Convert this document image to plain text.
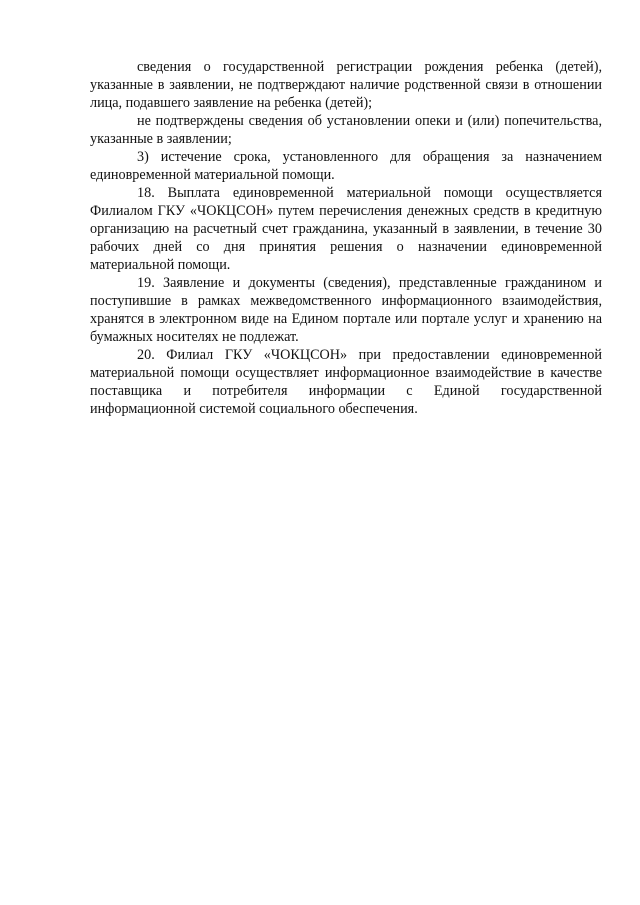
сведения о государственной регистрации рождения ребенка (детей), указанные в заявлении, не подтверждают наличие родственной связи в отношении лица, подавшего заявление на ребенка (детей);

не подтверждены сведения об установлении опеки и (или) попечительства, указанные в заявлении;

3) истечение срока, установленного для обращения за назначением единовременной материальной помощи.

18. Выплата единовременной материальной помощи осуществляется Филиалом ГКУ «ЧОКЦСОН» путем перечисления денежных средств в кредитную организацию на расчетный счет гражданина, указанный в заявлении, в течение 30 рабочих дней со дня принятия решения о назначении единовременной материальной помощи.

19. Заявление и документы (сведения), представленные гражданином и поступившие в рамках межведомственного информационного взаимодействия, хранятся в электронном виде на Едином портале или портале услуг и хранению на бумажных носителях не подлежат.

20. Филиал ГКУ «ЧОКЦСОН» при предоставлении единовременной материальной помощи осуществляет информационное взаимодействие в качестве поставщика и потребителя информации с Единой государственной информационной системой социального обеспечения.
